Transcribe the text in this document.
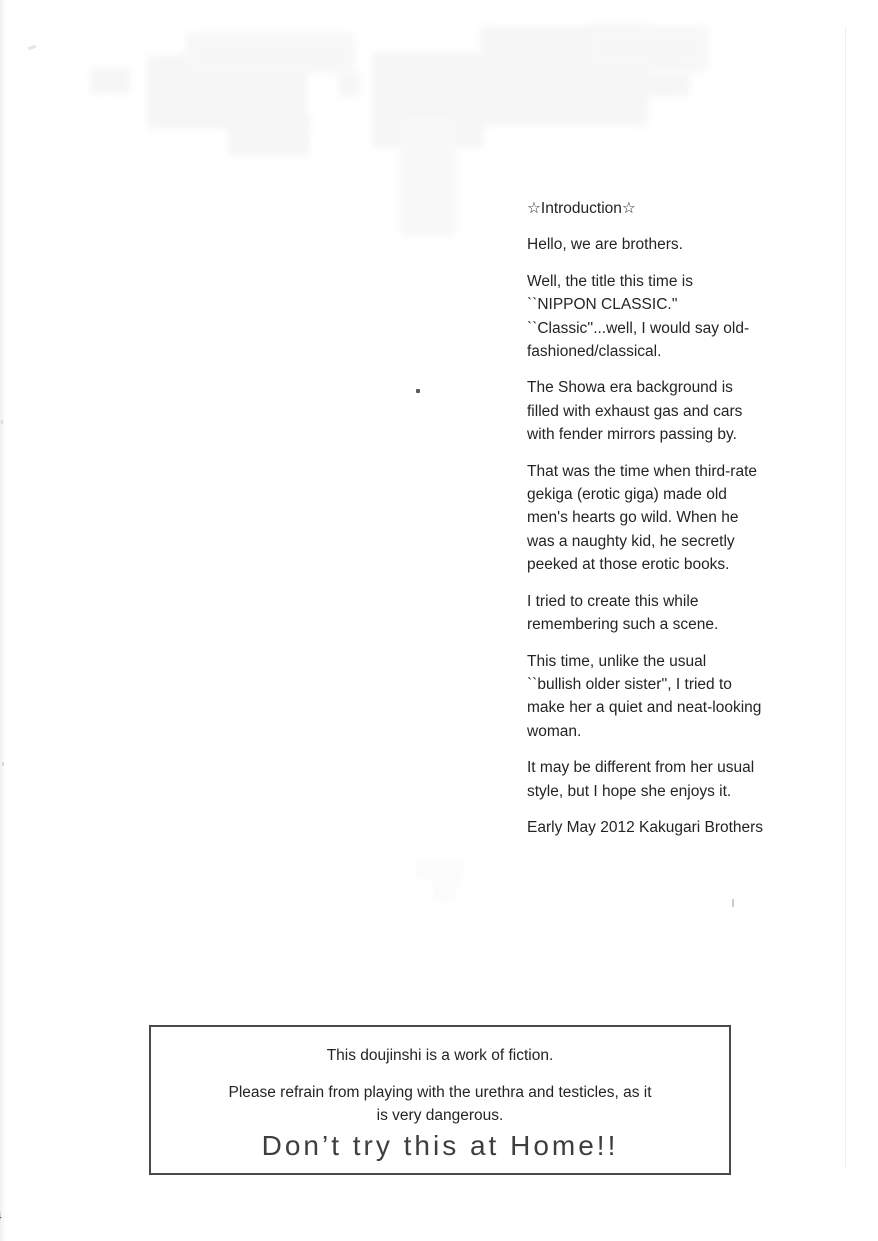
☆Introduction☆
Hello, we are brothers.
Well, the title this time is
``NIPPON CLASSIC.''
``Classic''...well, I would say old-
fashioned/classical.
The Showa era background is
filled with exhaust gas and cars
with fender mirrors passing by.
That was the time when third-rate
gekiga (erotic giga) made old
men's hearts go wild. When he
was a naughty kid, he secretly
peeked at those erotic books.
I tried to create this while
remembering such a scene.
This time, unlike the usual
``bullish older sister'', I tried to
make her a quiet and neat-looking
woman.
It may be different from her usual
style, but I hope she enjoys it.
Early May 2012 Kakugari Brothers
This doujinshi is a work of fiction.
Please refrain from playing with the urethra and testicles, as it
is very dangerous.
Don’t try this at Home!!
